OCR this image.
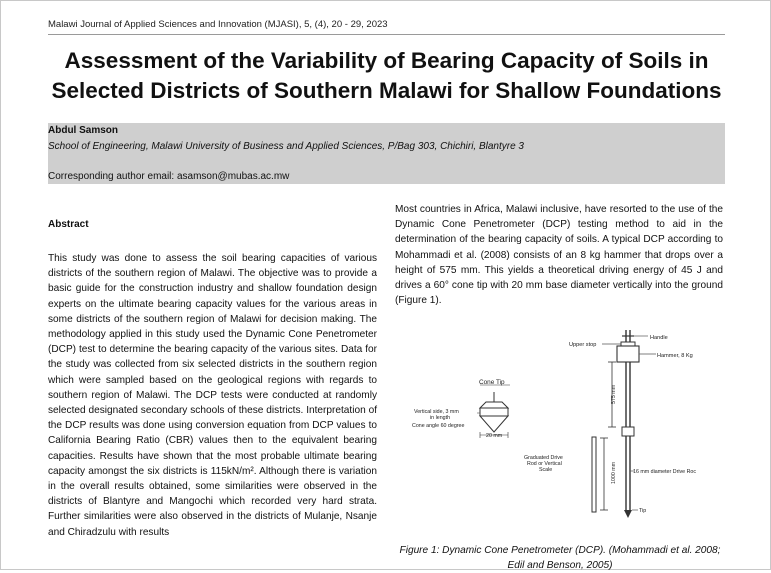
Malawi Journal of Applied Sciences and Innovation (MJASI), 5, (4), 20 - 29, 2023
Assessment of the Variability of Bearing Capacity of Soils in Selected Districts of Southern Malawi for Shallow Foundations
Abdul Samson
School of Engineering, Malawi University of Business and Applied Sciences, P/Bag 303, Chichiri, Blantyre 3
Corresponding author email: asamson@mubas.ac.mw
Abstract
This study was done to assess the soil bearing capacities of various districts of the southern region of Malawi. The objective was to provide a basic guide for the construction industry and shallow foundation design experts on the ultimate bearing capacity values for the various areas in some districts of the southern region of Malawi for decision making. The methodology applied in this study used the Dynamic Cone Penetrometer (DCP) test to determine the bearing capacity of the various sites. Data for the study was collected from six selected districts in the southern region which were sampled based on the geological regions with regards to southern region of Malawi. The DCP tests were conducted at randomly selected designated secondary schools of these districts. Interpretation of the DCP results was done using conversion equation from DCP values to California Bearing Ratio (CBR) values then to the equivalent bearing capacities. Results have shown that the most probable ultimate bearing capacity amongst the six districts is 115kN/m². Although there is variation in the overall results obtained, some similarities were observed in the districts of Blantyre and Mangochi which recorded very hard strata. Further similarities were also observed in the districts of Mulanje, Nsanje and Chiradzulu with results
Most countries in Africa, Malawi inclusive, have resorted to the use of the Dynamic Cone Penetrometer (DCP) testing method to aid in the determination of the bearing capacity of soils. A typical DCP according to Mohammadi et al. (2008) consists of an 8 kg hammer that drops over a height of 575 mm. This yields a theoretical driving energy of 45 J and drives a 60° cone tip with 20 mm base diameter vertically into the ground (Figure 1).
Handle
Upper stop
Hammer, 8 Kg
Cone Tip
Vertical side, 3 mm
in length
Cone angle 60 degree
20 mm
575 mm
1000 mm
Graduated Drive
Rod or Vertical
Scale	16 mm diameter Drive Roc
Tip
Figure 1: Dynamic Cone Penetrometer (DCP). (Mohammadi et al. 2008; Edil and Benson, 2005)
